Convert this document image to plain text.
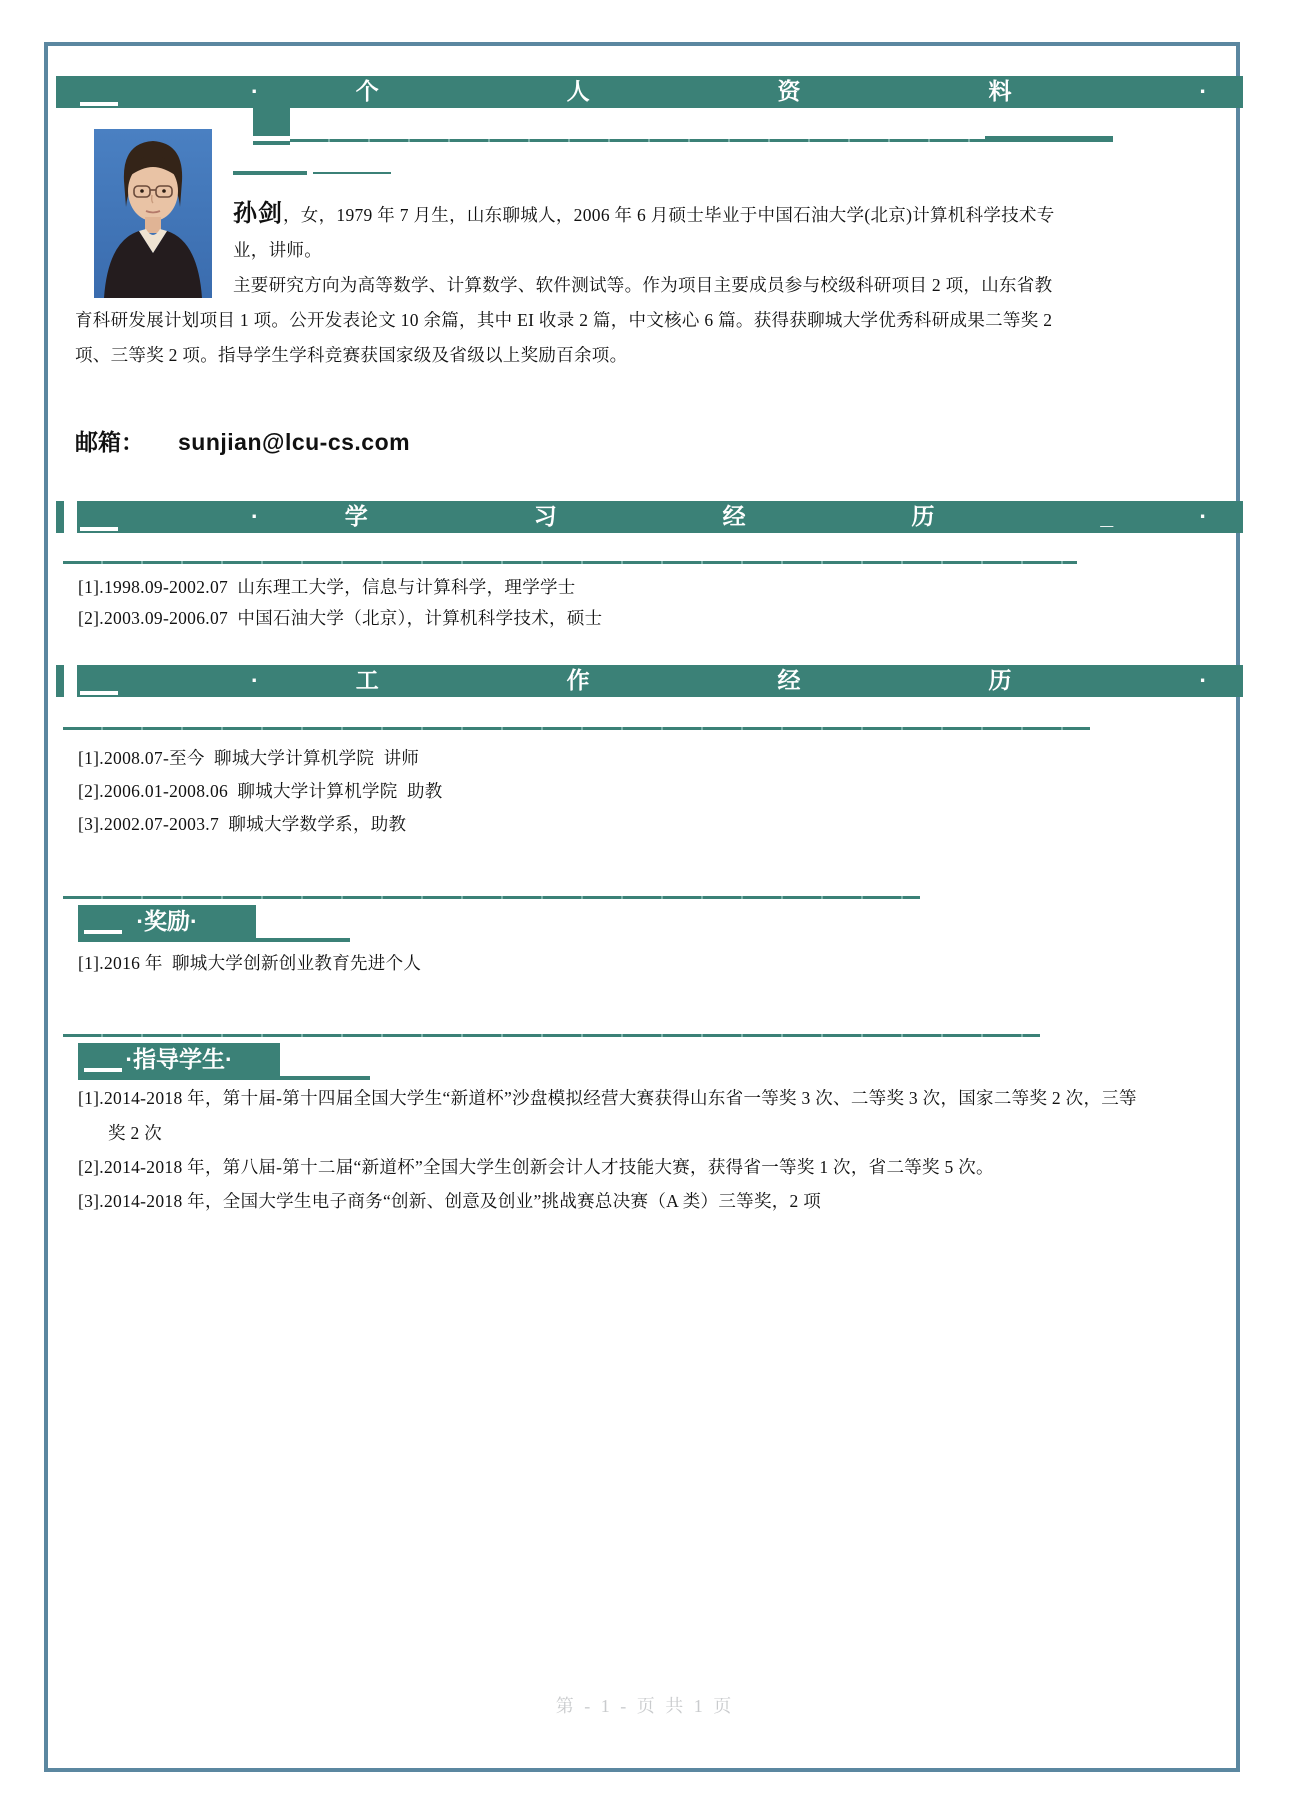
· 个 人 资 料 ·

孙剑，女，1979 年 7 月生，山东聊城人，2006 年 6 月硕士毕业于中国石油大学(北京)计算机科学技术专业，讲师。

主要研究方向为高等数学、计算数学、软件测试等。作为项目主要成员参与校级科研项目 2 项，山东省教育科研发展计划项目 1 项。公开发表论文 10 余篇，其中 EI 收录 2 篇，中文核心 6 篇。获得获聊城大学优秀科研成果二等奖 2 项、三等奖 2 项。指导学生学科竞赛获国家级及省级以上奖励百余项。

邮箱： sunjian@lcu-cs.com
· 学 习 经 历 _ ·
[1].1998.09-2002.07  山东理工大学，信息与计算科学，理学学士
[2].2003.09-2006.07  中国石油大学（北京），计算机科学技术，硕士
· 工 作 经 历 ·
[1].2008.07-至今  聊城大学计算机学院  讲师
[2].2006.01-2008.06  聊城大学计算机学院  助教
[3].2002.07-2003.7  聊城大学数学系，助教
·奖励·
[1].2016 年  聊城大学创新创业教育先进个人
·指导学生·
[1].2014-2018 年，第十届-第十四届全国大学生“新道杯”沙盘模拟经营大赛获得山东省一等奖 3 次、二等奖 3 次，国家二等奖 2 次，三等
奖 2 次
[2].2014-2018 年，第八届-第十二届“新道杯”全国大学生创新会计人才技能大赛，获得省一等奖 1 次，省二等奖 5 次。
[3].2014-2018 年，全国大学生电子商务“创新、创意及创业”挑战赛总决赛（A 类）三等奖，2 项
第 - 1 - 页 共 1 页
